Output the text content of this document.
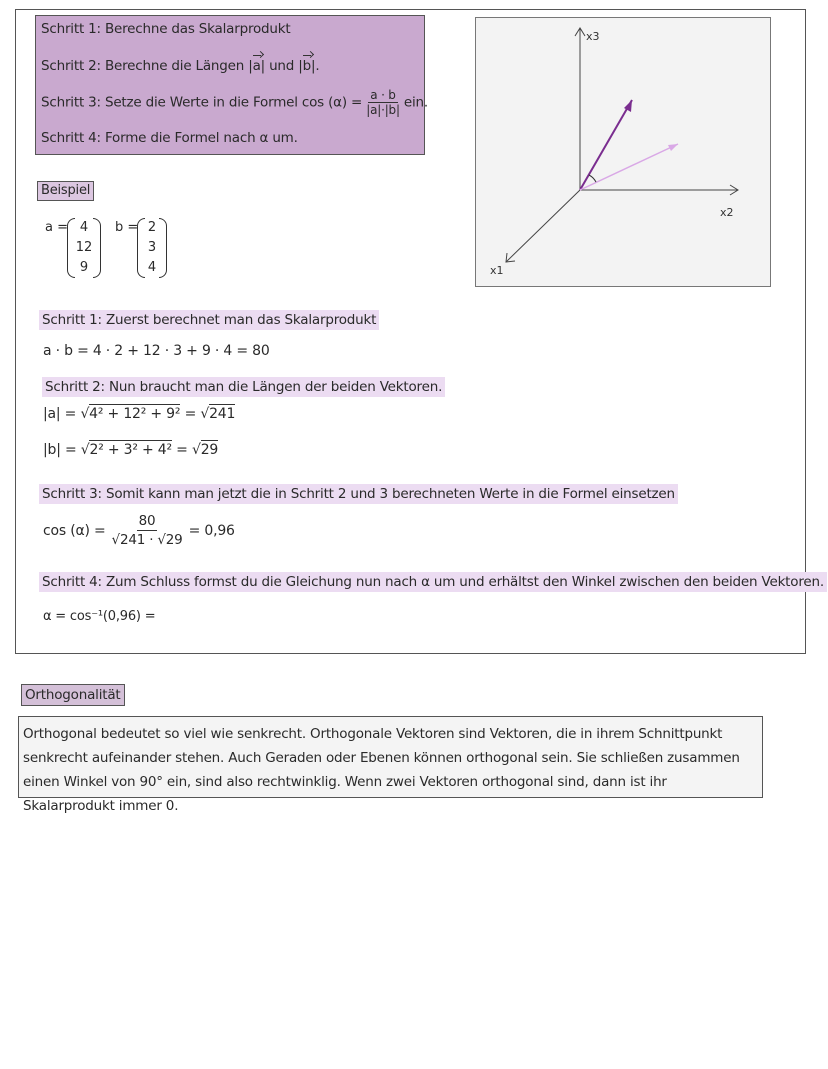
Schritt 1: Berechne das Skalarprodukt
Schritt 2: Berechne die Längen |a| und |b|.
Schritt 3: Setze die Werte in die Formel $\cos (\alpha) = \frac{a \cdot b}{|a|\cdot|b|}$ ein.
Schritt 4: Forme die Formel nach α um.
x3
x2
x1
Beispiel
a = 4
12
9
b = 2
3
4
Schritt 1: Zuerst berechnet man das Skalarprodukt
a · b = 4 · 2 + 12 · 3 + 9 · 4 = 80
Schritt 2: Nun braucht man die Längen der beiden Vektoren.
|a| = √4² + 12² + 9² = √241
|b| = √2² + 3² + 4² = √29
Schritt 3: Somit kann man jetzt die in Schritt 2 und 3 berechneten Werte in die Formel einsetzen
$\cos (\alpha) = \frac{80}{√241 \cdot √29} = 0,96$
Schritt 4: Zum Schluss formst du die Gleichung nun nach α um und erhältst den Winkel zwischen den beiden Vektoren.
α = cos⁻¹(0,96) =
Orthogonalität
Orthogonal bedeutet so viel wie senkrecht. Orthogonale Vektoren sind Vektoren, die in ihrem Schnittpunkt senkrecht aufeinander stehen. Auch Geraden oder Ebenen können orthogonal sein. Sie schließen zusammen einen Winkel von 90° ein, sind also rechtwinklig. Wenn zwei Vektoren orthogonal sind, dann ist ihr Skalarprodukt immer 0.
